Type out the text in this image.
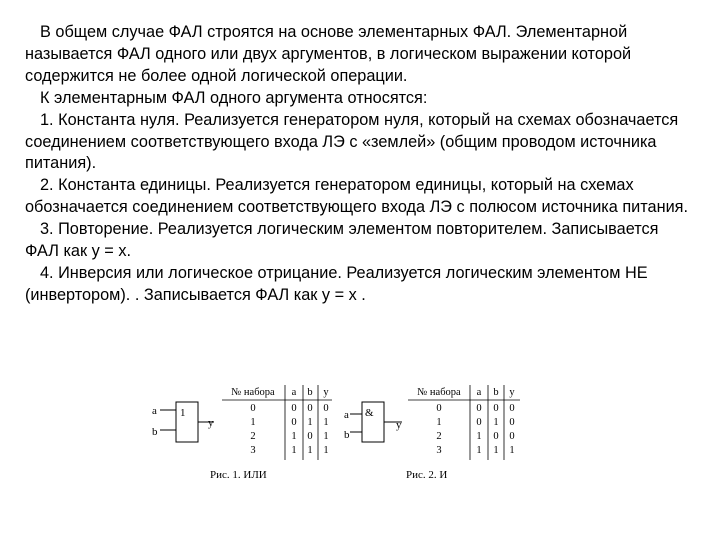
В общем случае ФАЛ строятся на основе элементарных ФАЛ. Элементарной называется ФАЛ одного или двух аргументов, в логическом выражении которой содержится не более одной логической операции.

К элементарным ФАЛ одного аргумента относятся:

1. Константа нуля. Реализуется генератором нуля, который на схемах обозначается соединением соответствующего входа ЛЭ с «землей» (общим проводом источника питания).

2. Константа единицы. Реализуется генератором единицы, который на схемах обозначается соединением соответствующего входа ЛЭ с полюсом источника питания.

3. Повторение. Реализуется логическим элементом повторителем. Записывается ФАЛ как y = x.

4. Инверсия или логическое отрицание. Реализуется логическим элементом НЕ (инвертором). . Записывается ФАЛ как y = x .

a
b
1
y
№ набора a b y
0	0 0 0
1	0 1 1
2	1 0 1
3	1 1 1
Рис. 1. ИЛИ
a
b
&
y
№ набора a b y
0	0 0 0
1	0 1 0
2	1 0 0
3	1 1 1
Рис. 2. И
